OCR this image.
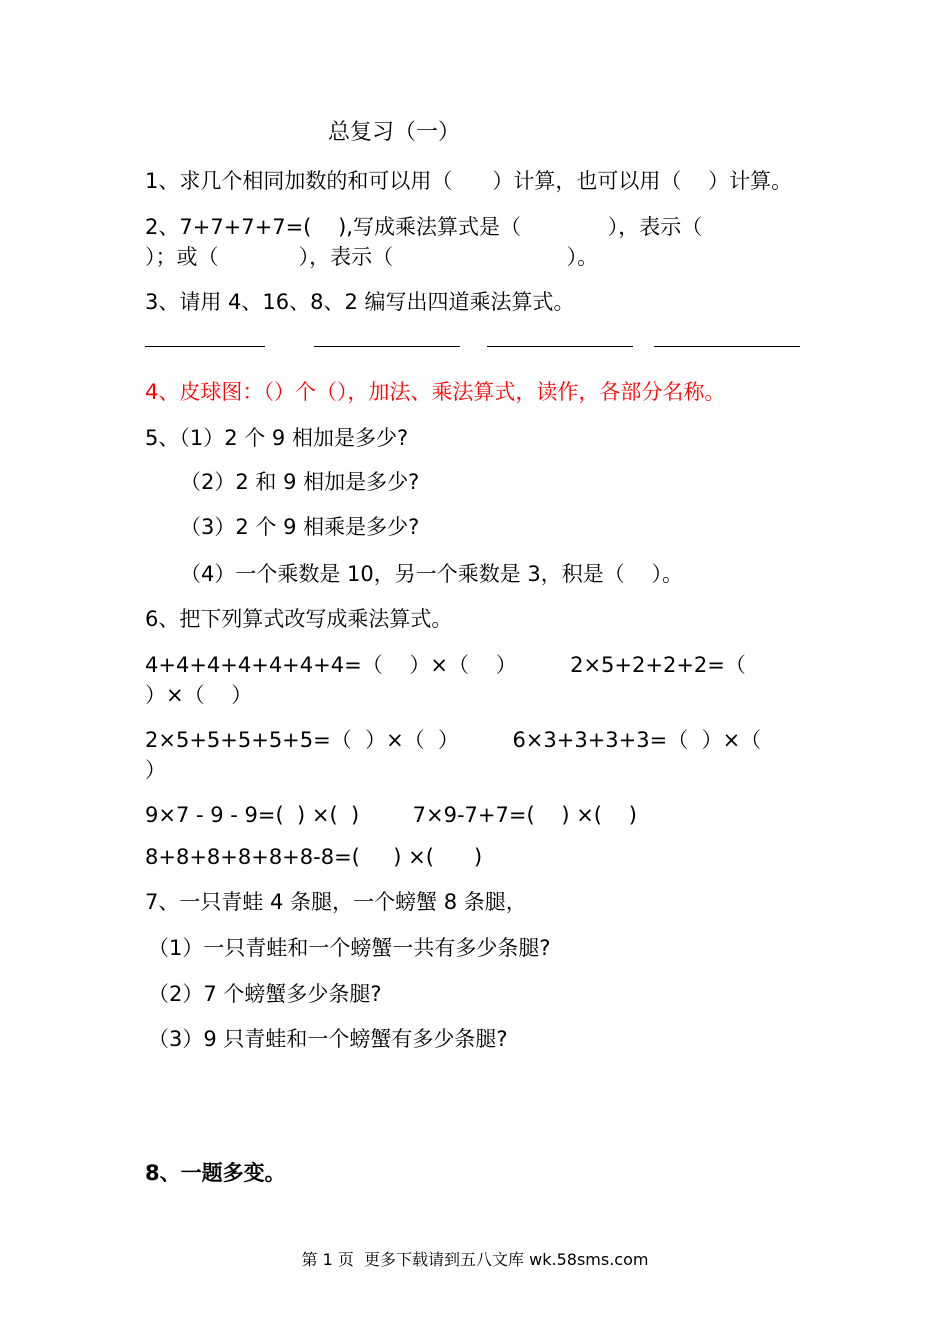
总复习（一）
1、求几个相同加数的和可以用（      ）计算，也可以用（    ）计算。
2、7+7+7+7=(    ),写成乘法算式是（             ），表示（
）；或（            ），表示（                          ）。
3、请用 4、16、8、2 编写出四道乘法算式。
4、皮球图：（）个（），加法、乘法算式，读作，各部分名称。
5、（1）2 个 9 相加是多少?
（2）2 和 9 相加是多少?
（3）2 个 9 相乘是多少?
（4）一个乘数是 10，另一个乘数是 3，积是（    ）。
6、把下列算式改写成乘法算式。
4+4+4+4+4+4+4=（    ）×（    ）        2×5+2+2+2=（
）×（    ）
2×5+5+5+5+5=（  ）×（  ）        6×3+3+3+3=（  ）×（
）
9×7 - 9 - 9=(  ) ×(  )        7×9-7+7=(    ) ×(    )
8+8+8+8+8+8-8=(     ) ×(      )
7、一只青蛙 4 条腿，一个螃蟹 8 条腿，
（1）一只青蛙和一个螃蟹一共有多少条腿?
（2）7 个螃蟹多少条腿?
（3）9 只青蛙和一个螃蟹有多少条腿?
8、一题多变。
第 1 页  更多下载请到五八文库 wk.58sms.com
